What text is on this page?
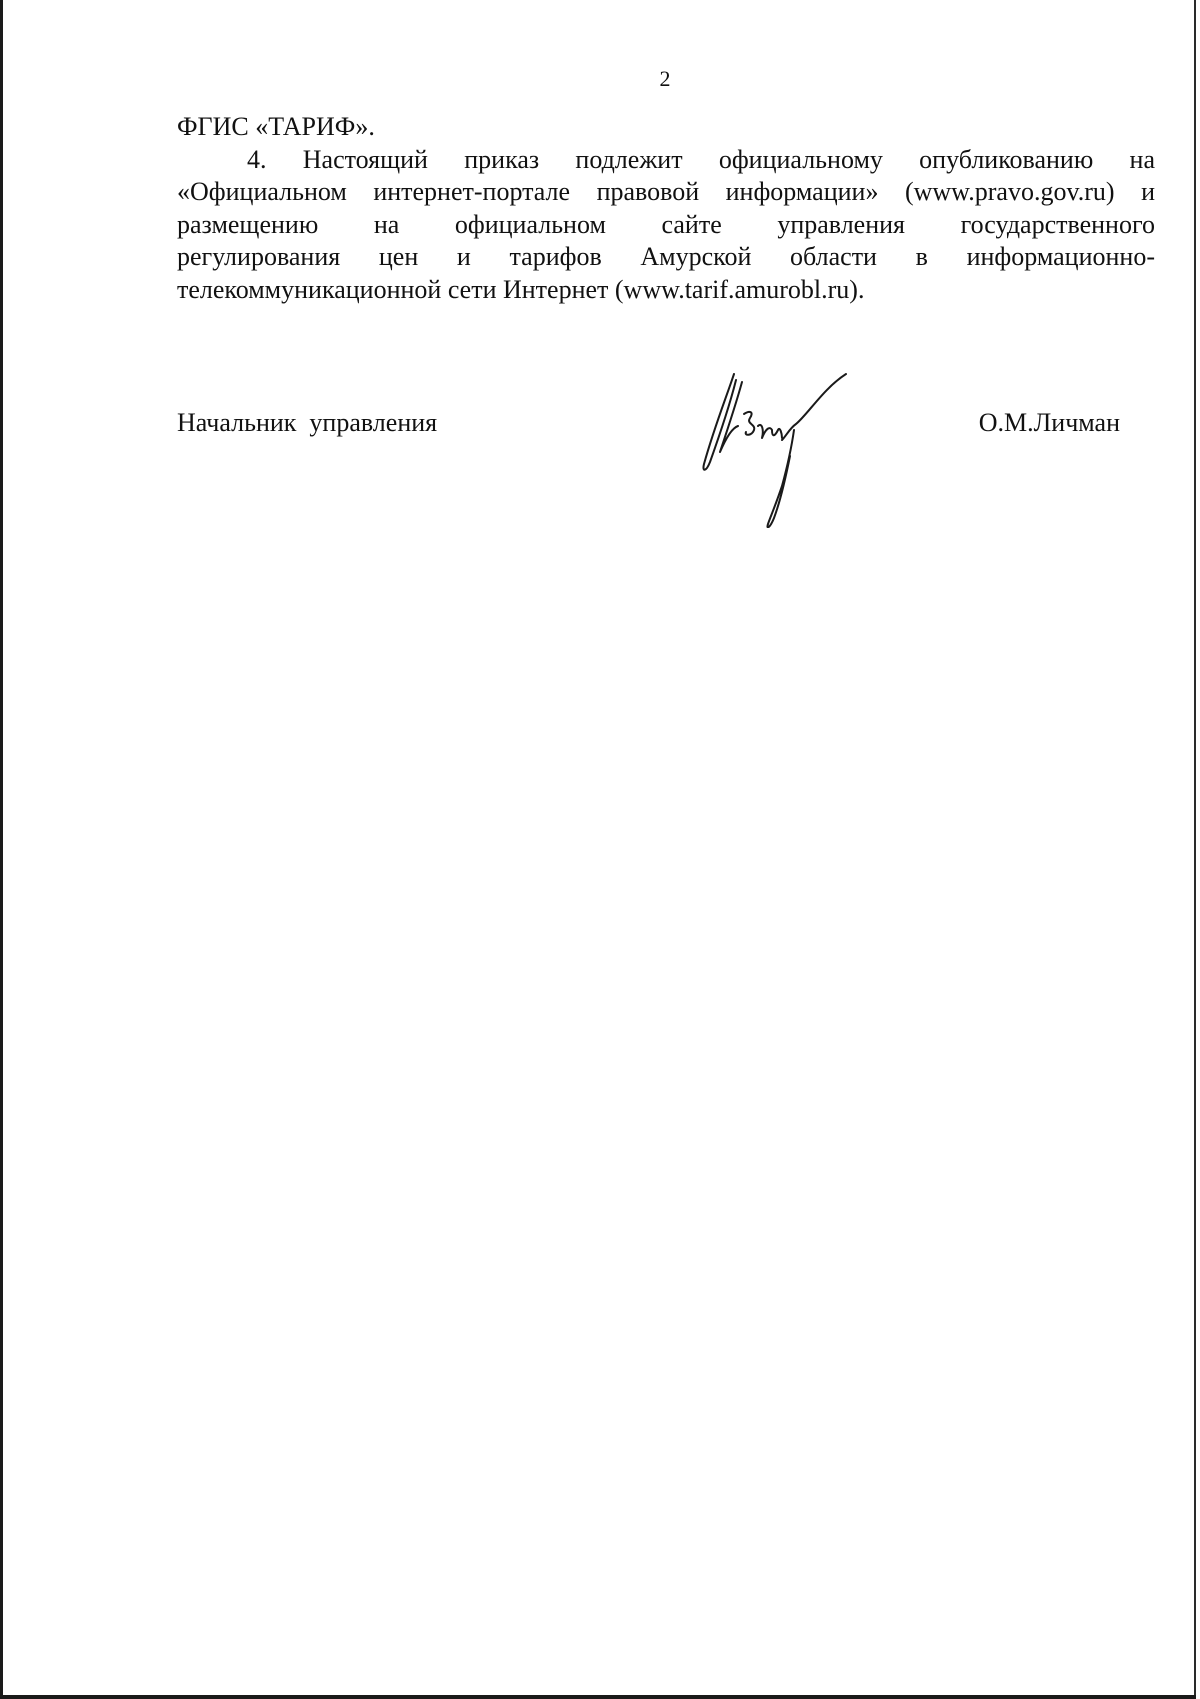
2
ФГИС «ТАРИФ».
4. Настоящий приказ подлежит официальному опубликованию на
«Официальном интернет-портале правовой информации» (www.pravo.gov.ru) и
размещению на официальном сайте управления государственного
регулирования цен и тарифов Амурской области в информационно-
телекоммуникационной сети Интернет (www.tarif.amurobl.ru).
Начальник  управления	О.М.Личман
